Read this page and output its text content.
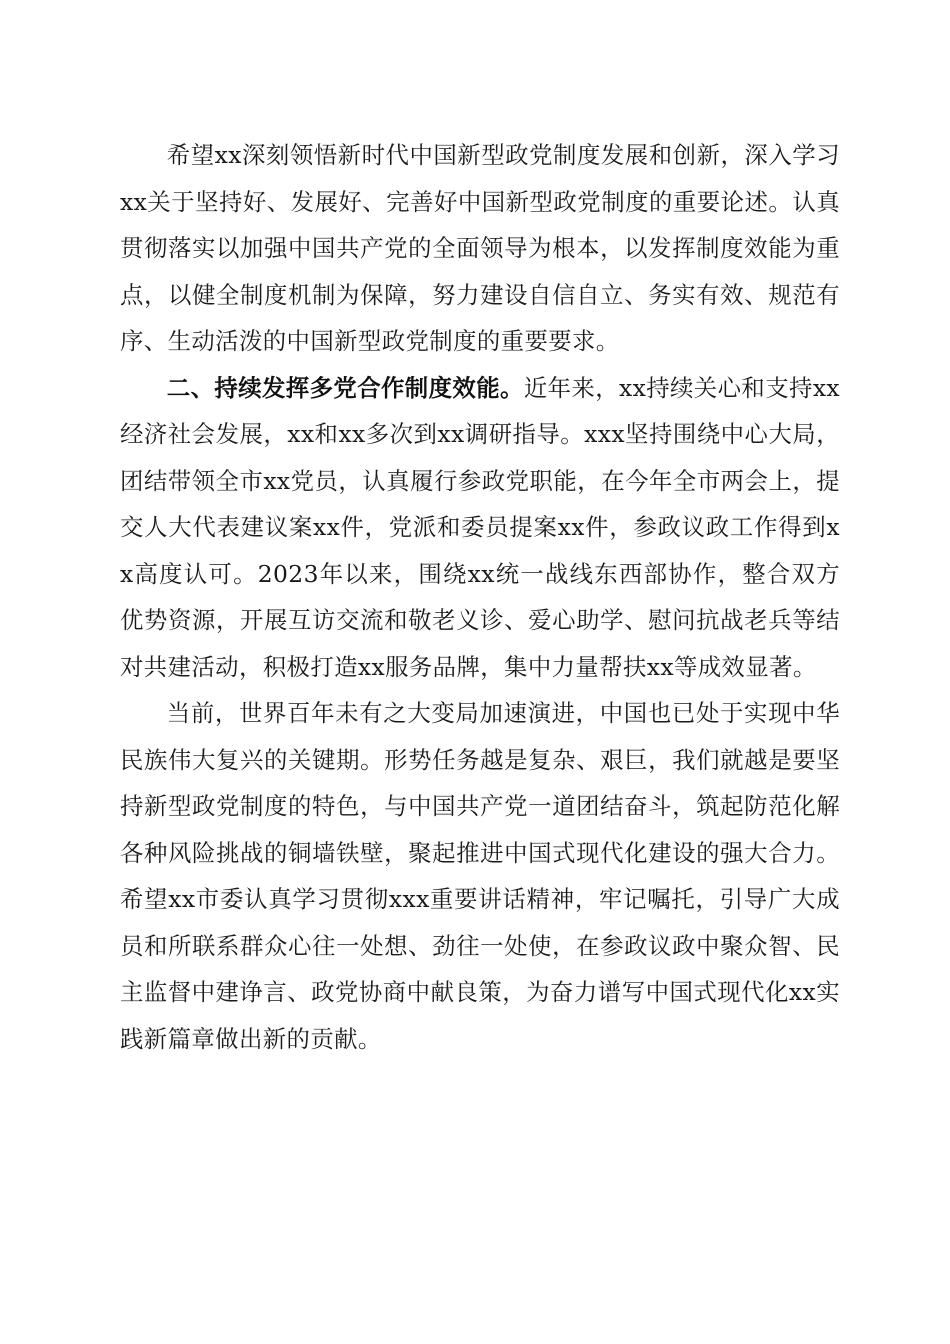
希望xx深刻领悟新时代中国新型政党制度发展和创新，深入学习xx关于坚持好、发展好、完善好中国新型政党制度的重要论述。认真贯彻落实以加强中国共产党的全面领导为根本，以发挥制度效能为重点，以健全制度机制为保障，努力建设自信自立、务实有效、规范有序、生动活泼的中国新型政党制度的重要要求。

二、持续发挥多党合作制度效能。近年来，xx持续关心和支持xx经济社会发展，xx和xx多次到xx调研指导。xxx坚持围绕中心大局，团结带领全市xx党员，认真履行参政党职能，在今年全市两会上，提交人大代表建议案xx件，党派和委员提案xx件，参政议政工作得到xx高度认可。2023年以来，围绕xx统一战线东西部协作，整合双方优势资源，开展互访交流和敬老义诊、爱心助学、慰问抗战老兵等结对共建活动，积极打造xx服务品牌，集中力量帮扶xx等成效显著。

当前，世界百年未有之大变局加速演进，中国也已处于实现中华民族伟大复兴的关键期。形势任务越是复杂、艰巨，我们就越是要坚持新型政党制度的特色，与中国共产党一道团结奋斗，筑起防范化解各种风险挑战的铜墙铁壁，聚起推进中国式现代化建设的强大合力。希望xx市委认真学习贯彻xxx重要讲话精神，牢记嘱托，引导广大成员和所联系群众心往一处想、劲往一处使，在参政议政中聚众智、民主监督中建诤言、政党协商中献良策，为奋力谱写中国式现代化xx实践新篇章做出新的贡献。
